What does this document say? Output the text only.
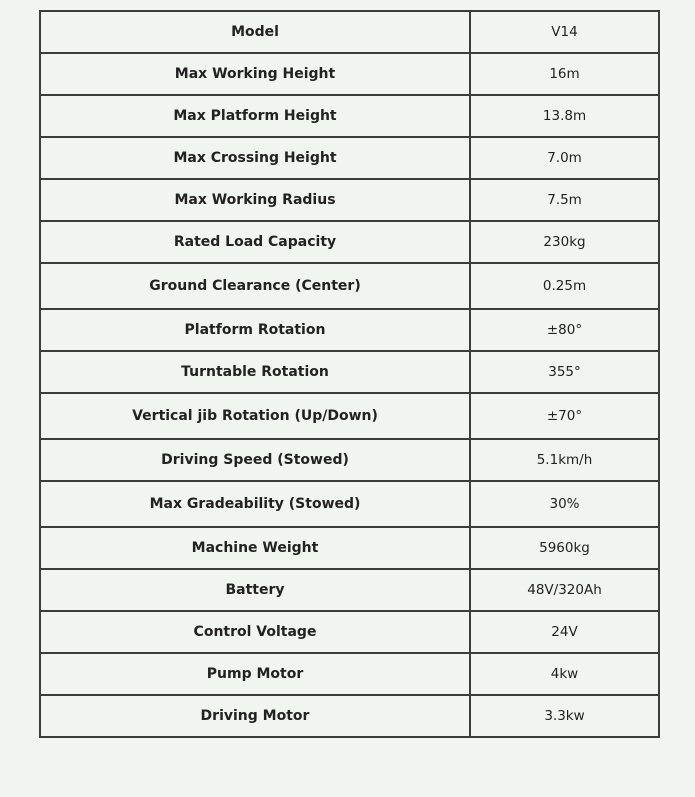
Model	V14
Max Working Height	16m
Max Platform Height	13.8m
Max Crossing Height	7.0m
Max Working Radius	7.5m
Rated Load Capacity	230kg
Ground Clearance (Center)	0.25m
Platform Rotation	±80°
Turntable Rotation	355°
Vertical jib Rotation (Up/Down)	±70°
Driving Speed (Stowed)	5.1km/h
Max Gradeability (Stowed)	30%
Machine Weight	5960kg
Battery	48V/320Ah
Control Voltage	24V
Pump Motor	4kw
Driving Motor	3.3kw
